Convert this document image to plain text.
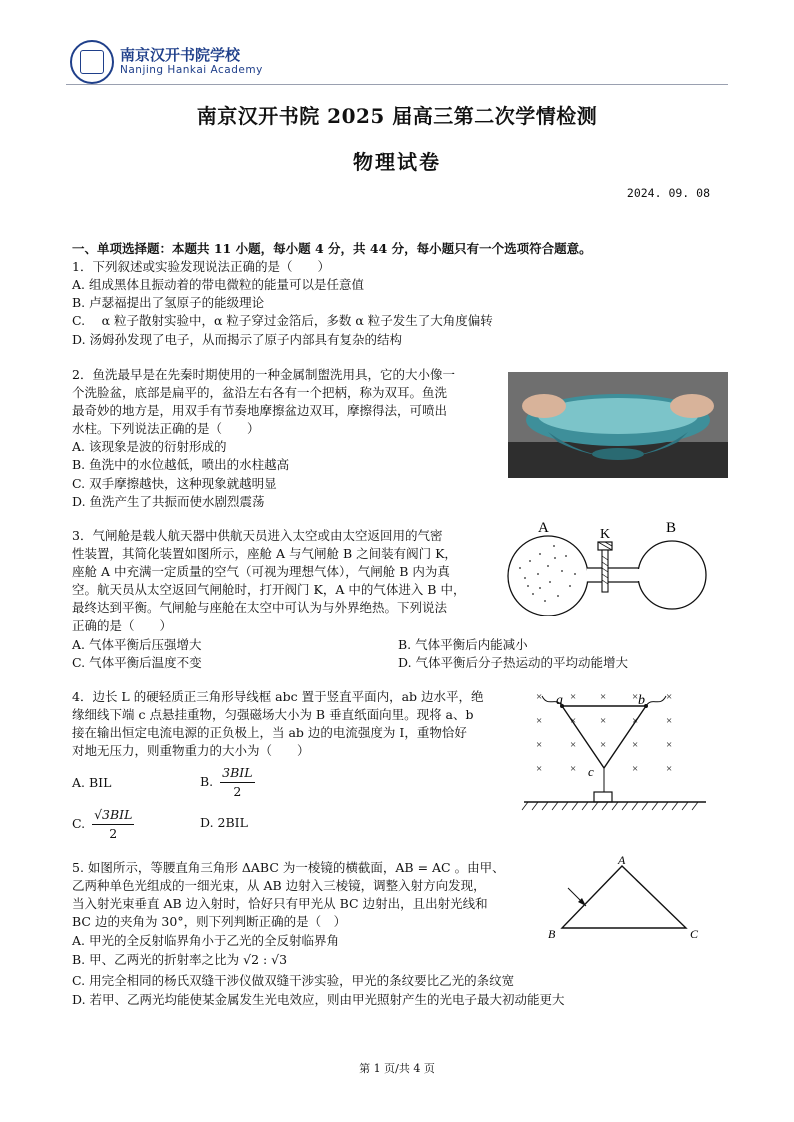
南京汉开书院学校
Nanjing Hankai Academy
南京汉开书院 2025 届高三第二次学情检测
物理试卷
2024. 09. 08
一、单项选择题：本题共 11 小题，每小题 4 分，共 44 分，每小题只有一个选项符合题意。
1．下列叙述或实验发现说法正确的是（　　）
A. 组成黑体且振动着的带电微粒的能量可以是任意值
B. 卢瑟福提出了氢原子的能级理论
C.　 α 粒子散射实验中，α 粒子穿过金箔后，多数 α 粒子发生了大角度偏转
D. 汤姆孙发现了电子，从而揭示了原子内部具有复杂的结构
2．鱼洗最早是在先秦时期使用的一种金属制盥洗用具，它的大小像一
个洗脸盆，底部是扁平的，盆沿左右各有一个把柄，称为双耳。鱼洗
最奇妙的地方是，用双手有节奏地摩擦盆边双耳，摩擦得法，可喷出
水柱。下列说法正确的是（　　）
A. 该现象是波的衍射形成的
B. 鱼洗中的水位越低，喷出的水柱越高
C. 双手摩擦越快，这种现象就越明显
D. 鱼洗产生了共振而使水剧烈震荡
3．气闸舱是载人航天器中供航天员进入太空或由太空返回用的气密
性装置，其简化装置如图所示，座舱 A 与气闸舱 B 之间装有阀门 K，
座舱 A 中充满一定质量的空气（可视为理想气体），气闸舱 B 内为真
空。航天员从太空返回气闸舱时，打开阀门 K，A 中的气体进入 B 中，
最终达到平衡。气闸舱与座舱在太空中可认为与外界绝热。下列说法
正确的是（　　）
A. 气体平衡后压强增大	B. 气体平衡后内能减小
C. 气体平衡后温度不变	D. 气体平衡后分子热运动的平均动能增大
A	K	B
4．边长 L 的硬轻质正三角形导线框 abc 置于竖直平面内，ab 边水平，绝
缘细线下端 c 点悬挂重物，匀强磁场大小为 B 垂直纸面向里。现将 a、b
接在输出恒定电流电源的正负极上，当 ab 边的电流强度为 I，重物恰好
对地无压力，则重物重力的大小为（　　）
A. BIL	B. $\frac{\text{3BIL}}{2}$
C. $\frac{\text{√3BIL}}{2}$	D. 2BIL
×	× × ×	×
×	× × ×	×
×	× × ×	×
×	×	×	×
a	b
c
5. 如图所示，等腰直角三角形 ΔABC 为一棱镜的横截面，AB = AC 。由甲、
乙两种单色光组成的一细光束，从 AB 边射入三棱镜，调整入射方向发现，
当入射光束垂直 AB 边入射时，恰好只有甲光从 BC 边射出，且出射光线和
BC 边的夹角为 30°，则下列判断正确的是（　）
A. 甲光的全反射临界角小于乙光的全反射临界角
B. 甲、乙两光的折射率之比为 √2 : √3
C. 用完全相同的杨氏双缝干涉仪做双缝干涉实验，甲光的条纹要比乙光的条纹宽
D. 若甲、乙两光均能使某金属发生光电效应，则由甲光照射产生的光电子最大初动能更大
A
B	C
第 1 页/共 4 页
